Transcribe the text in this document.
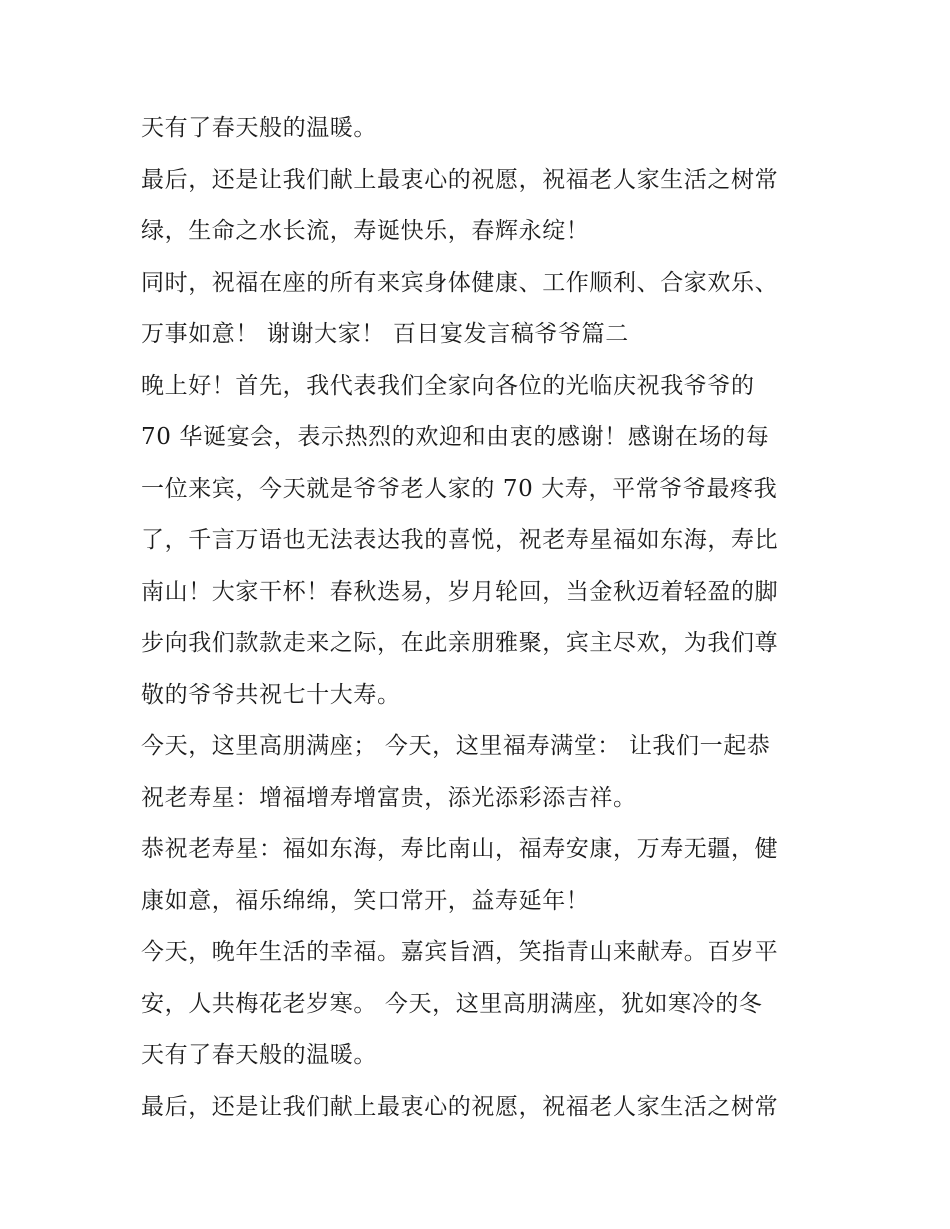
天有了春天般的温暖。
最后，还是让我们献上最衷心的祝愿，祝福老人家生活之树常
绿，生命之水长流，寿诞快乐，春辉永绽！
同时，祝福在座的所有来宾身体健康、工作顺利、合家欢乐、
万事如意！ 谢谢大家！ 百日宴发言稿爷爷篇二
晚上好！首先，我代表我们全家向各位的光临庆祝我爷爷的
70 华诞宴会，表示热烈的欢迎和由衷的感谢！感谢在场的每
一位来宾，今天就是爷爷老人家的 70 大寿，平常爷爷最疼我
了，千言万语也无法表达我的喜悦，祝老寿星福如东海，寿比
南山！大家干杯！春秋迭易，岁月轮回，当金秋迈着轻盈的脚
步向我们款款走来之际，在此亲朋雅聚，宾主尽欢，为我们尊
敬的爷爷共祝七十大寿。
今天，这里高朋满座； 今天，这里福寿满堂： 让我们一起恭
祝老寿星：增福增寿增富贵，添光添彩添吉祥。
恭祝老寿星：福如东海，寿比南山，福寿安康，万寿无疆，健
康如意，福乐绵绵，笑口常开，益寿延年！
今天，晚年生活的幸福。嘉宾旨酒，笑指青山来献寿。百岁平
安，人共梅花老岁寒。 今天，这里高朋满座，犹如寒冷的冬
天有了春天般的温暖。
最后，还是让我们献上最衷心的祝愿，祝福老人家生活之树常
